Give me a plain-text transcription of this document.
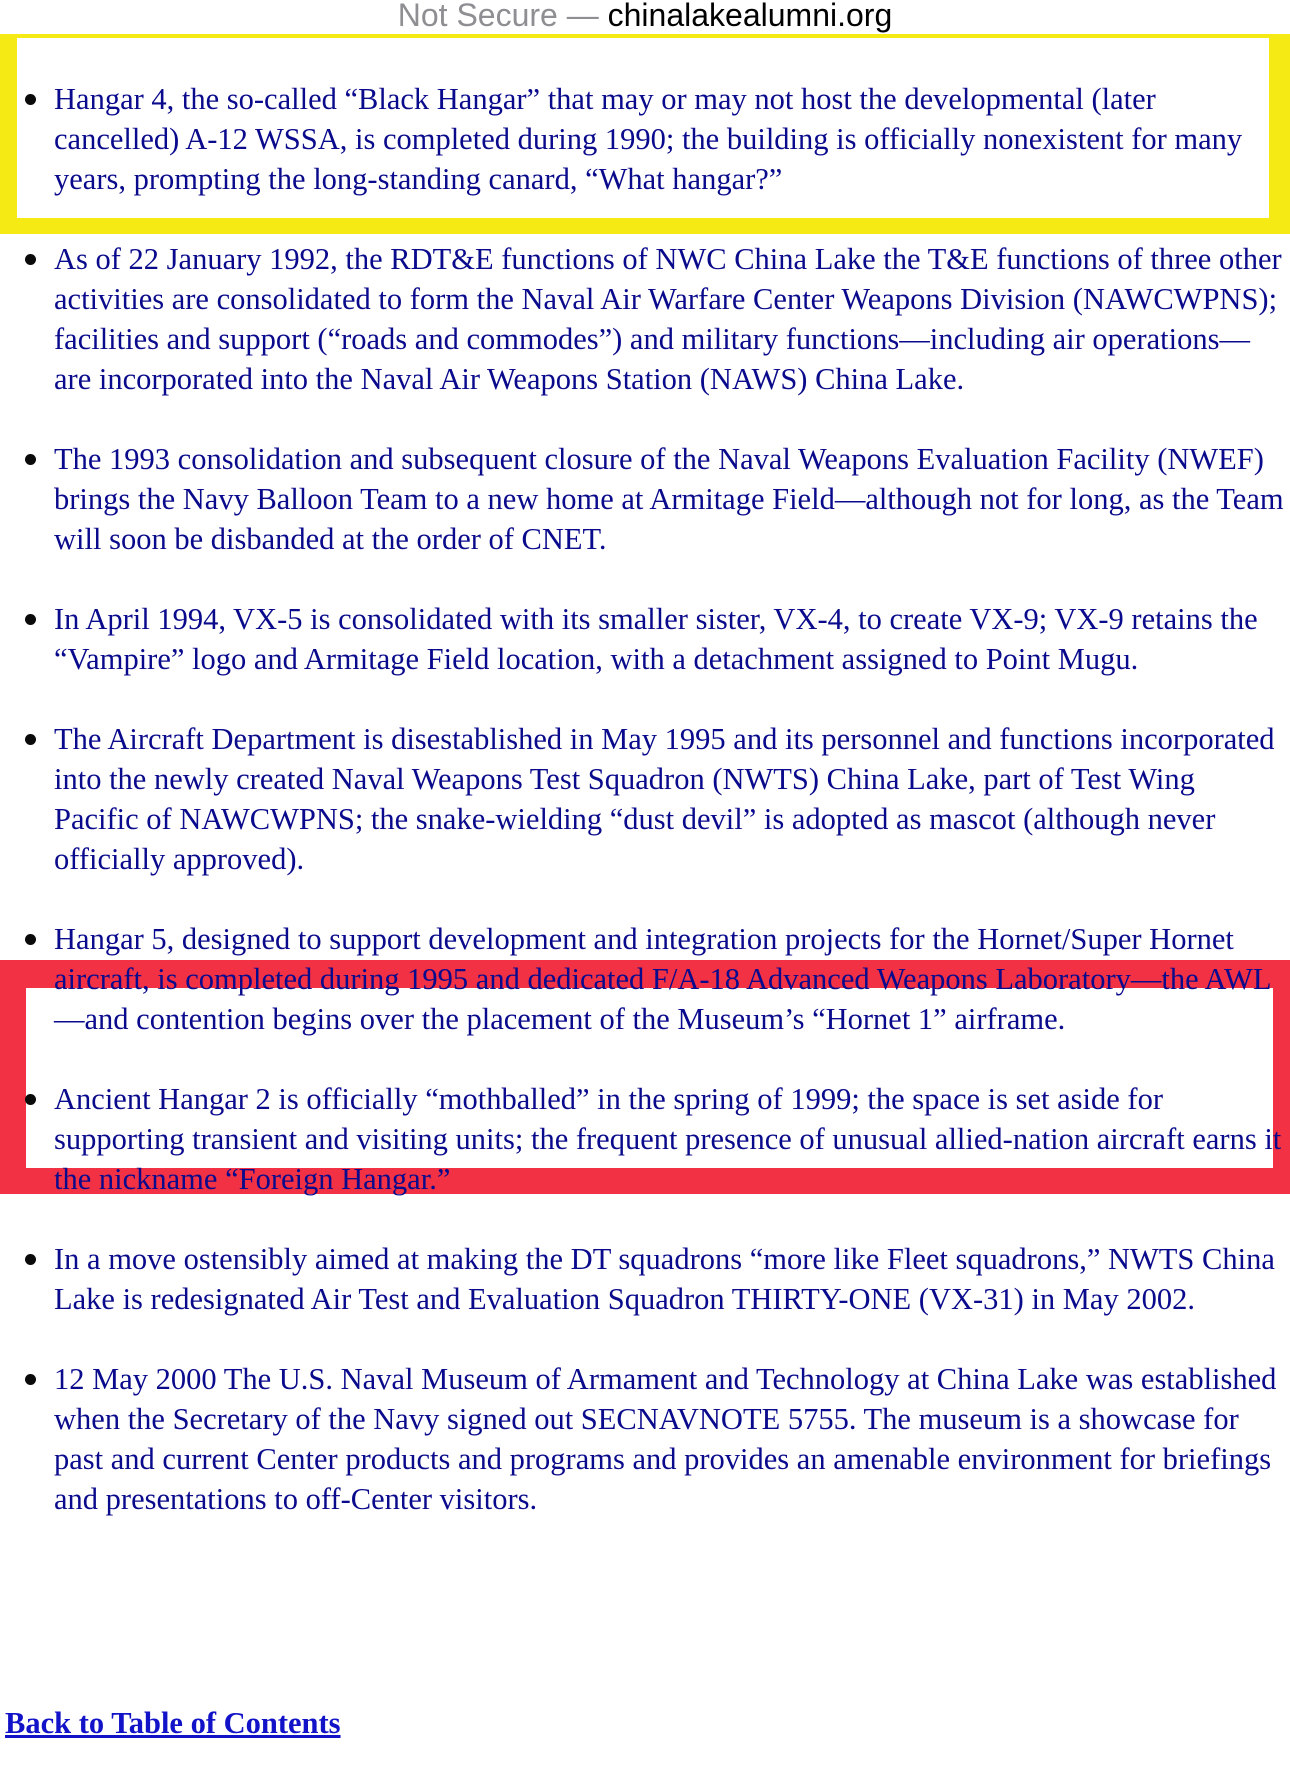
Not Secure — chinalakealumni.org
Hangar 4, the so-called “Black Hangar” that may or may not host the developmental (later cancelled) A-12 WSSA, is completed during 1990; the building is officially nonexistent for many years, prompting the long-standing canard, “What hangar?”
As of 22 January 1992, the RDT&E functions of NWC China Lake the T&E functions of three other activities are consolidated to form the Naval Air Warfare Center Weapons Division (NAWCWPNS); facilities and support (“roads and commodes”) and military functions—including air operations—are incorporated into the Naval Air Weapons Station (NAWS) China Lake.
The 1993 consolidation and subsequent closure of the Naval Weapons Evaluation Facility (NWEF) brings the Navy Balloon Team to a new home at Armitage Field—although not for long, as the Team will soon be disbanded at the order of CNET.
In April 1994, VX-5 is consolidated with its smaller sister, VX-4, to create VX-9; VX-9 retains the “Vampire” logo and Armitage Field location, with a detachment assigned to Point Mugu.
The Aircraft Department is disestablished in May 1995 and its personnel and functions incorporated into the newly created Naval Weapons Test Squadron (NWTS) China Lake, part of Test Wing Pacific of NAWCWPNS; the snake-wielding “dust devil” is adopted as mascot (although never officially approved).
Hangar 5, designed to support development and integration projects for the Hornet/Super Hornet aircraft, is completed during 1995 and dedicated F/A-18 Advanced Weapons Laboratory—the AWL—and contention begins over the placement of the Museum’s “Hornet 1” airframe.
Ancient Hangar 2 is officially “mothballed” in the spring of 1999; the space is set aside for supporting transient and visiting units; the frequent presence of unusual allied-nation aircraft earns it the nickname “Foreign Hangar.”
In a move ostensibly aimed at making the DT squadrons “more like Fleet squadrons,” NWTS China Lake is redesignated Air Test and Evaluation Squadron THIRTY-ONE (VX-31) in May 2002.
12 May 2000 The U.S. Naval Museum of Armament and Technology at China Lake was established when the Secretary of the Navy signed out SECNAVNOTE 5755. The museum is a showcase for past and current Center products and programs and provides an amenable environment for briefings and presentations to off-Center visitors.
Back to Table of Contents
